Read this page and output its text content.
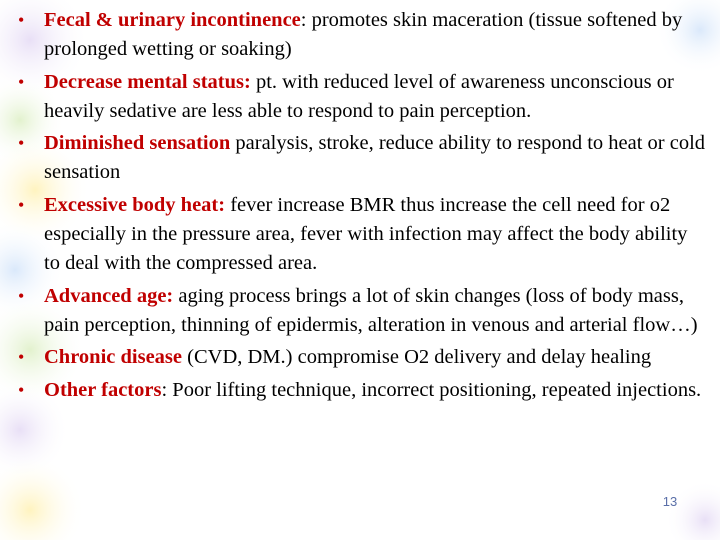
• Fecal & urinary incontinence: promotes skin maceration (tissue softened by prolonged wetting or soaking)
• Decrease mental status: pt. with reduced level of awareness unconscious or heavily sedative are less able to respond to pain perception.
• Diminished sensation paralysis, stroke, reduce ability to respond to heat or cold sensation
• Excessive body heat: fever increase BMR thus increase the cell need for o2 especially in the pressure area, fever with infection may affect the body ability to deal with the compressed area.
• Advanced age: aging process brings a lot of skin changes (loss of body mass, pain perception, thinning of epidermis, alteration in venous and arterial flow…)
• Chronic disease (CVD, DM.) compromise O2 delivery and delay healing
• Other factors: Poor lifting technique, incorrect positioning, repeated injections.
13
